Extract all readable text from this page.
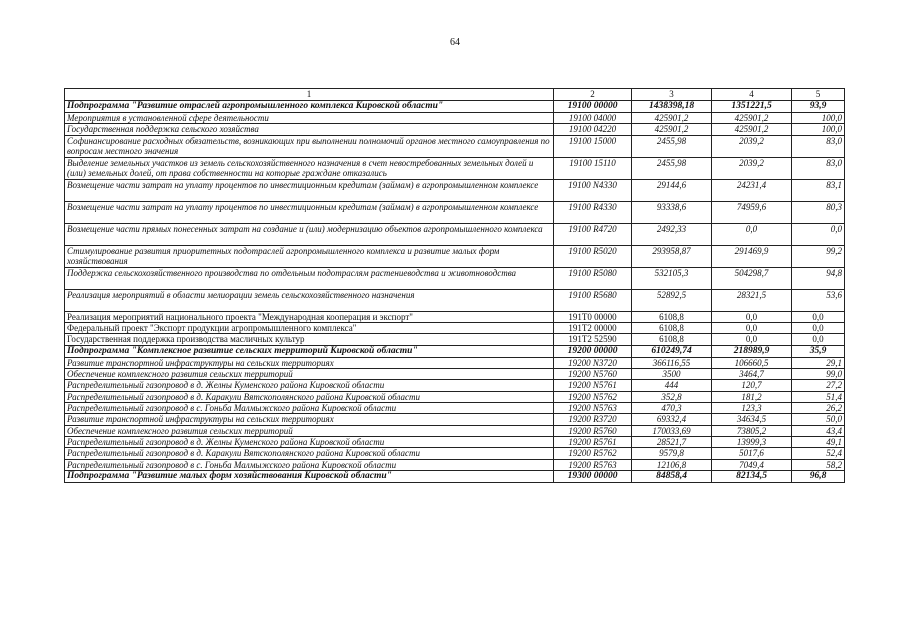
64
1	2	3	4	5
Подпрограмма "Развитие отраслей агропромышленного комплекса Кировской области"	19100 00000	1438398,18	1351221,5	93,9
Мероприятия в установленной сфере деятельности	19100 04000	425901,2	425901,2	100,0
Государственная поддержка сельского хозяйства	19100 04220	425901,2	425901,2	100,0
Софинансирование расходных обязательств, возникающих при выполнении полномочий органов местного самоуправления по вопросам местного значения	19100 15000	2455,98	2039,2	83,0
Выделение земельных участков из земель сельскохозяйственного назначения в счет невостребованных земельных долей и (или) земельных долей, от права собственности на которые граждане отказались	19100 15110	2455,98	2039,2	83,0
Возмещение части затрат на уплату процентов по инвестиционным кредитам (займам) в агропромышленном комплексе	19100 N4330	29144,6	24231,4	83,1
Возмещение части затрат на уплату процентов по инвестиционным кредитам (займам) в агропромышленном комплексе	19100 R4330	93338,6	74959,6	80,3
Возмещение части прямых понесенных затрат на создание и (или) модернизацию объектов агропромышленного комплекса	19100 R4720	2492,33	0,0	0,0
Стимулирование развития приоритетных подотраслей агропромышленного комплекса и развитие малых форм хозяйствования	19100 R5020	293958,87	291469,9	99,2
Поддержка сельскохозяйственного производства по отдельным подотраслям растениеводства и животноводства	19100 R5080	532105,3	504298,7	94,8
Реализация мероприятий в области мелиорации земель сельскохозяйственного назначения	19100 R5680	52892,5	28321,5	53,6
Реализация мероприятий национального проекта "Международная кооперация и экспорт"	191T0 00000	6108,8	0,0	0,0
Федеральный проект "Экспорт продукции агропромышленного комплекса"	191T2 00000	6108,8	0,0	0,0
Государственная поддержка производства масличных культур	191T2 52590	6108,8	0,0	0,0
Подпрограмма "Комплексное развитие сельских территорий Кировской области"	19200 00000	610249,74	218989,9	35,9
Развитие транспортной инфраструктуры на сельских территориях	19200 N3720	366116,55	106660,5	29,1
Обеспечение комплексного развития сельских территорий	19200 N5760	3500	3464,7	99,0
Распределительный газопровод в д. Желны Куменского района Кировской области	19200 N5761	444	120,7	27,2
Распределительный газопровод в д. Каракули Вятскополянского района Кировской области	19200 N5762	352,8	181,2	51,4
Распределительный газопровод в с. Гоньба Малмыжского района Кировской области	19200 N5763	470,3	123,3	26,2
Развитие транспортной инфраструктуры на сельских территориях	19200 R3720	69332,4	34634,5	50,0
Обеспечение комплексного развития сельских территорий	19200 R5760	170033,69	73805,2	43,4
Распределительный газопровод в д. Желны Куменского района Кировской области	19200 R5761	28521,7	13999,3	49,1
Распределительный газопровод в д. Каракули Вятскополянского района Кировской области	19200 R5762	9579,8	5017,6	52,4
Распределительный газопровод в с. Гоньба Малмыжского района Кировской области	19200 R5763	12106,8	7049,4	58,2
Подпрограмма "Развитие малых форм хозяйствования Кировской области"	19300 00000	84858,4	82134,5	96,8
